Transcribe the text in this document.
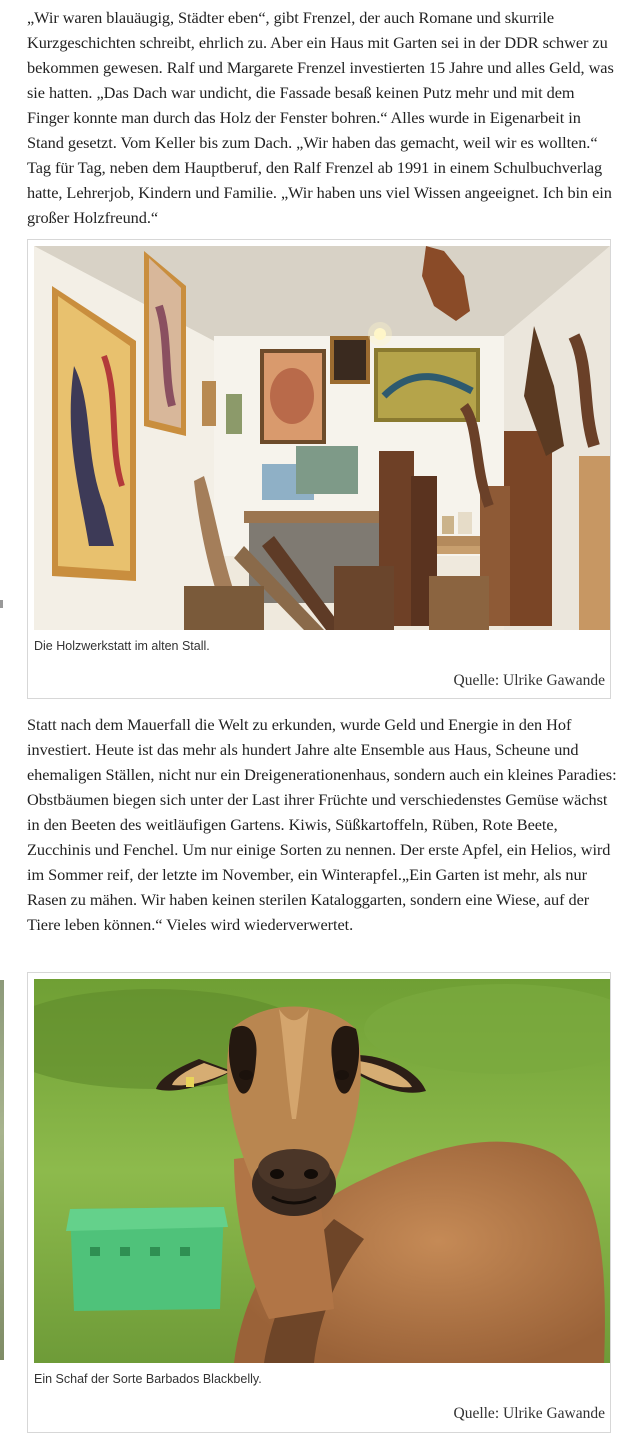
„Wir waren blauäugig, Städter eben“, gibt Frenzel, der auch Romane und skurrile Kurzgeschichten schreibt, ehrlich zu. Aber ein Haus mit Garten sei in der DDR schwer zu bekommen gewesen. Ralf und Margarete Frenzel investierten 15 Jahre und alles Geld, was sie hatten. „Das Dach war undicht, die Fassade besaß keinen Putz mehr und mit dem Finger konnte man durch das Holz der Fenster bohren.“ Alles wurde in Eigenarbeit in Stand gesetzt. Vom Keller bis zum Dach. „Wir haben das gemacht, weil wir es wollten.“ Tag für Tag, neben dem Hauptberuf, den Ralf Frenzel ab 1991 in einem Schulbuchverlag hatte, Lehrerjob, Kindern und Familie. „Wir haben uns viel Wissen angeeignet. Ich bin ein großer Holzfreund.“

Die Holzwerkstatt im alten Stall.
Quelle: Ulrike Gawande

Statt nach dem Mauerfall die Welt zu erkunden, wurde Geld und Energie in den Hof investiert. Heute ist das mehr als hundert Jahre alte Ensemble aus Haus, Scheune und ehemaligen Ställen, nicht nur ein Dreigenerationenhaus, sondern auch ein kleines Paradies: Obstbäumen biegen sich unter der Last ihrer Früchte und verschiedenstes Gemüse wächst in den Beeten des weitläufigen Gartens. Kiwis, Süßkartoffeln, Rüben, Rote Beete, Zucchinis und Fenchel. Um nur einige Sorten zu nennen. Der erste Apfel, ein Helios, wird im Sommer reif, der letzte im November, ein Winterapfel.„Ein Garten ist mehr, als nur Rasen zu mähen. Wir haben keinen sterilen Kataloggarten, sondern eine Wiese, auf der Tiere leben können.“ Vieles wird wiederverwertet.

Ein Schaf der Sorte Barbados Blackbelly.
Quelle: Ulrike Gawande
